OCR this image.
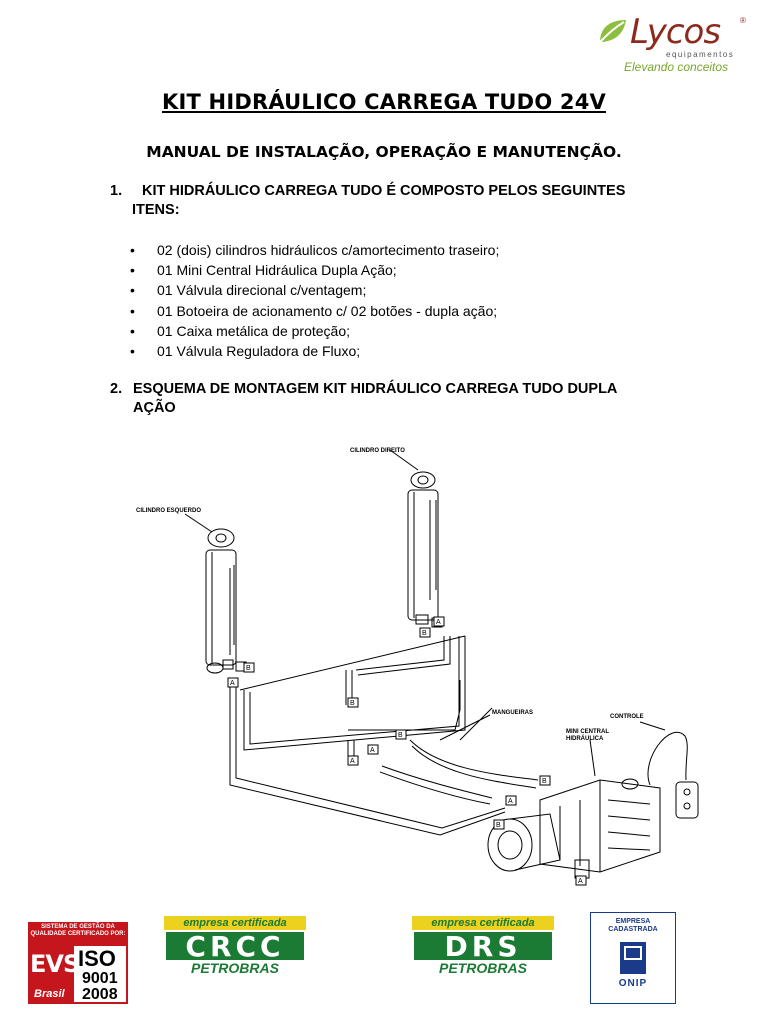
Lycos ®
equipamentos
Elevando conceitos
KIT HIDRÁULICO CARREGA TUDO 24V
MANUAL DE INSTALAÇÃO, OPERAÇÃO E MANUTENÇÃO.
1. KIT HIDRÁULICO CARREGA TUDO É COMPOSTO PELOS SEGUINTES
ITENS:
• 02 (dois) cilindros hidráulicos c/amortecimento traseiro;
• 01 Mini Central Hidráulica Dupla Ação;
• 01 Válvula direcional c/ventagem;
• 01 Botoeira de acionamento c/ 02 botões - dupla ação;
• 01 Caixa metálica de proteção;
• 01 Válvula Reguladora de Fluxo;
2. ESQUEMA DE MONTAGEM KIT HIDRÁULICO CARREGA TUDO DUPLA
AÇÃO
B
A
A
B
B
A
B
A
A
B
B
A
CILINDRO DIREITO
CILINDRO ESQUERDO
MANGUEIRAS
CONTROLE
MINI CENTRAL
HIDRÁULICA
SISTEMA DE GESTÃO DA QUALIDADE CERTIFICADO POR:
EVS
ISO
9001
2008
Brasil
empresa certificada
CRCC
PETROBRAS
empresa certificada
DRS
PETROBRAS
EMPRESA
CADASTRADA
ONIP
